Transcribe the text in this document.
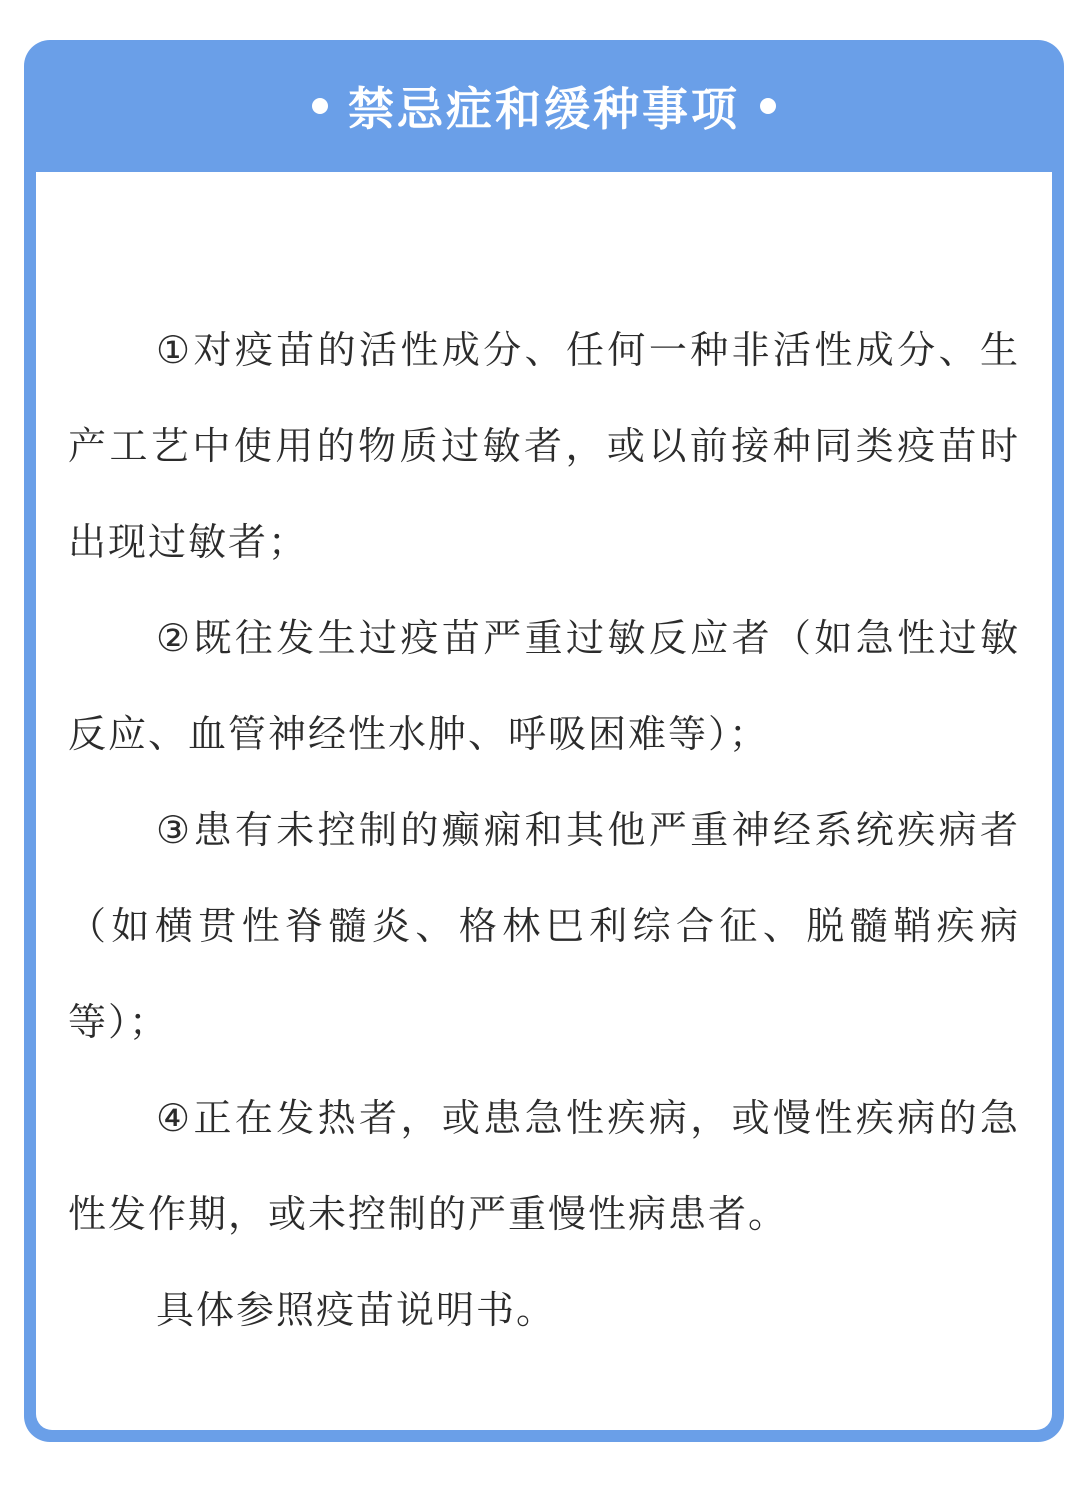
禁忌症和缓种事项

①对疫苗的活性成分、任何一种非活性成分、生产工艺中使用的物质过敏者，或以前接种同类疫苗时出现过敏者；

②既往发生过疫苗严重过敏反应者（如急性过敏反应、血管神经性水肿、呼吸困难等）；

③患有未控制的癫痫和其他严重神经系统疾病者（如横贯性脊髓炎、格林巴利综合征、脱髓鞘疾病等）；

④正在发热者，或患急性疾病，或慢性疾病的急性发作期，或未控制的严重慢性病患者。

具体参照疫苗说明书。
